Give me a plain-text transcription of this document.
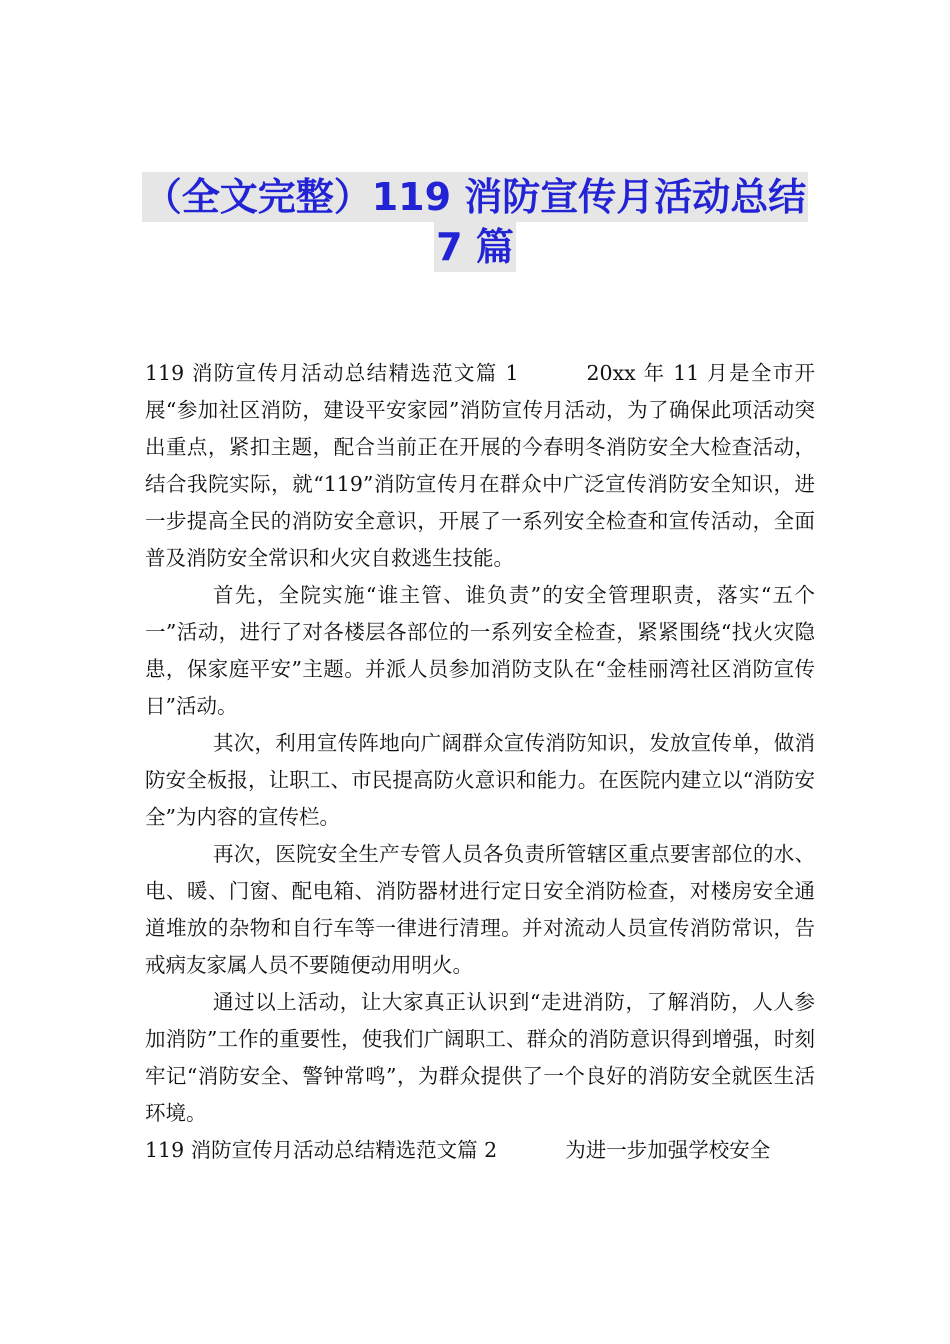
（全文完整）119 消防宣传月活动总结
7 篇

119 消防宣传月活动总结精选范文篇 1	20xx 年 11 月是全市开展“参加社区消防，建设平安家园”消防宣传月活动，为了确保此项活动突出重点，紧扣主题，配合当前正在开展的今春明冬消防安全大检查活动，结合我院实际，就“119”消防宣传月在群众中广泛宣传消防安全知识，进一步提高全民的消防安全意识，开展了一系列安全检查和宣传活动，全面普及消防安全常识和火灾自救逃生技能。

首先，全院实施“谁主管、谁负责”的安全管理职责，落实“五个一”活动，进行了对各楼层各部位的一系列安全检查，紧紧围绕“找火灾隐患，保家庭平安”主题。并派人员参加消防支队在“金桂丽湾社区消防宣传日”活动。

其次，利用宣传阵地向广阔群众宣传消防知识，发放宣传单，做消防安全板报，让职工、市民提高防火意识和能力。在医院内建立以“消防安全”为内容的宣传栏。

再次，医院安全生产专管人员各负责所管辖区重点要害部位的水、电、暖、门窗、配电箱、消防器材进行定日安全消防检查，对楼房安全通道堆放的杂物和自行车等一律进行清理。并对流动人员宣传消防常识，告戒病友家属人员不要随便动用明火。

通过以上活动，让大家真正认识到“走进消防，了解消防，人人参加消防”工作的重要性，使我们广阔职工、群众的消防意识得到增强，时刻牢记“消防安全、警钟常鸣”，为群众提供了一个良好的消防安全就医生活环境。

119 消防宣传月活动总结精选范文篇 2	为进一步加强学校安全
